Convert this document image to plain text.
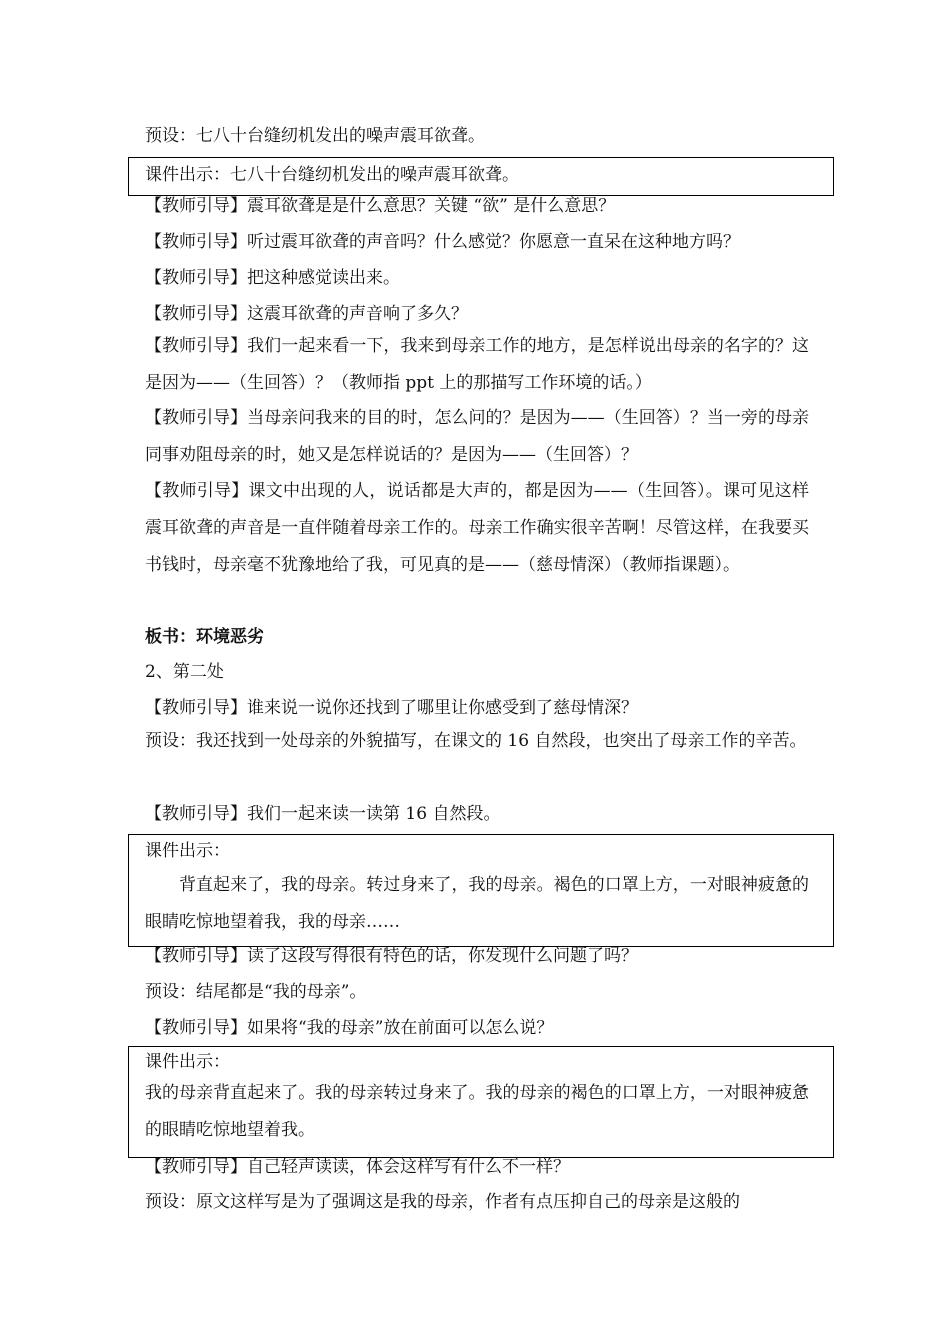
预设：七八十台缝纫机发出的噪声震耳欲聋。
课件出示：七八十台缝纫机发出的噪声震耳欲聋。
【教师引导】震耳欲聋是是什么意思？关键 “欲” 是什么意思？
【教师引导】听过震耳欲聋的声音吗？什么感觉？你愿意一直呆在这种地方吗？
【教师引导】把这种感觉读出来。
【教师引导】这震耳欲聋的声音响了多久？
【教师引导】我们一起来看一下，我来到母亲工作的地方，是怎样说出母亲的名字的？这是因为——（生回答）？（教师指 ppt 上的那描写工作环境的话。）
【教师引导】当母亲问我来的目的时，怎么问的？是因为——（生回答）？当一旁的母亲同事劝阻母亲的时，她又是怎样说话的？是因为——（生回答）？
【教师引导】课文中出现的人，说话都是大声的，都是因为——（生回答）。课可见这样震耳欲聋的声音是一直伴随着母亲工作的。母亲工作确实很辛苦啊！尽管这样，在我要买书钱时，母亲毫不犹豫地给了我，可见真的是——（慈母情深）（教师指课题）。
板书：环境恶劣
2、第二处
【教师引导】谁来说一说你还找到了哪里让你感受到了慈母情深？
预设：我还找到一处母亲的外貌描写，在课文的 16 自然段，也突出了母亲工作的辛苦。
【教师引导】我们一起来读一读第 16 自然段。
课件出示：
背直起来了，我的母亲。转过身来了，我的母亲。褐色的口罩上方，一对眼神疲惫的眼睛吃惊地望着我，我的母亲……
【教师引导】读了这段写得很有特色的话，你发现什么问题了吗？
预设：结尾都是“我的母亲”。
【教师引导】如果将“我的母亲”放在前面可以怎么说？
课件出示：
我的母亲背直起来了。我的母亲转过身来了。我的母亲的褐色的口罩上方，一对眼神疲惫的眼睛吃惊地望着我。
【教师引导】自己轻声读读，体会这样写有什么不一样？
预设：原文这样写是为了强调这是我的母亲，作者有点压抑自己的母亲是这般的
